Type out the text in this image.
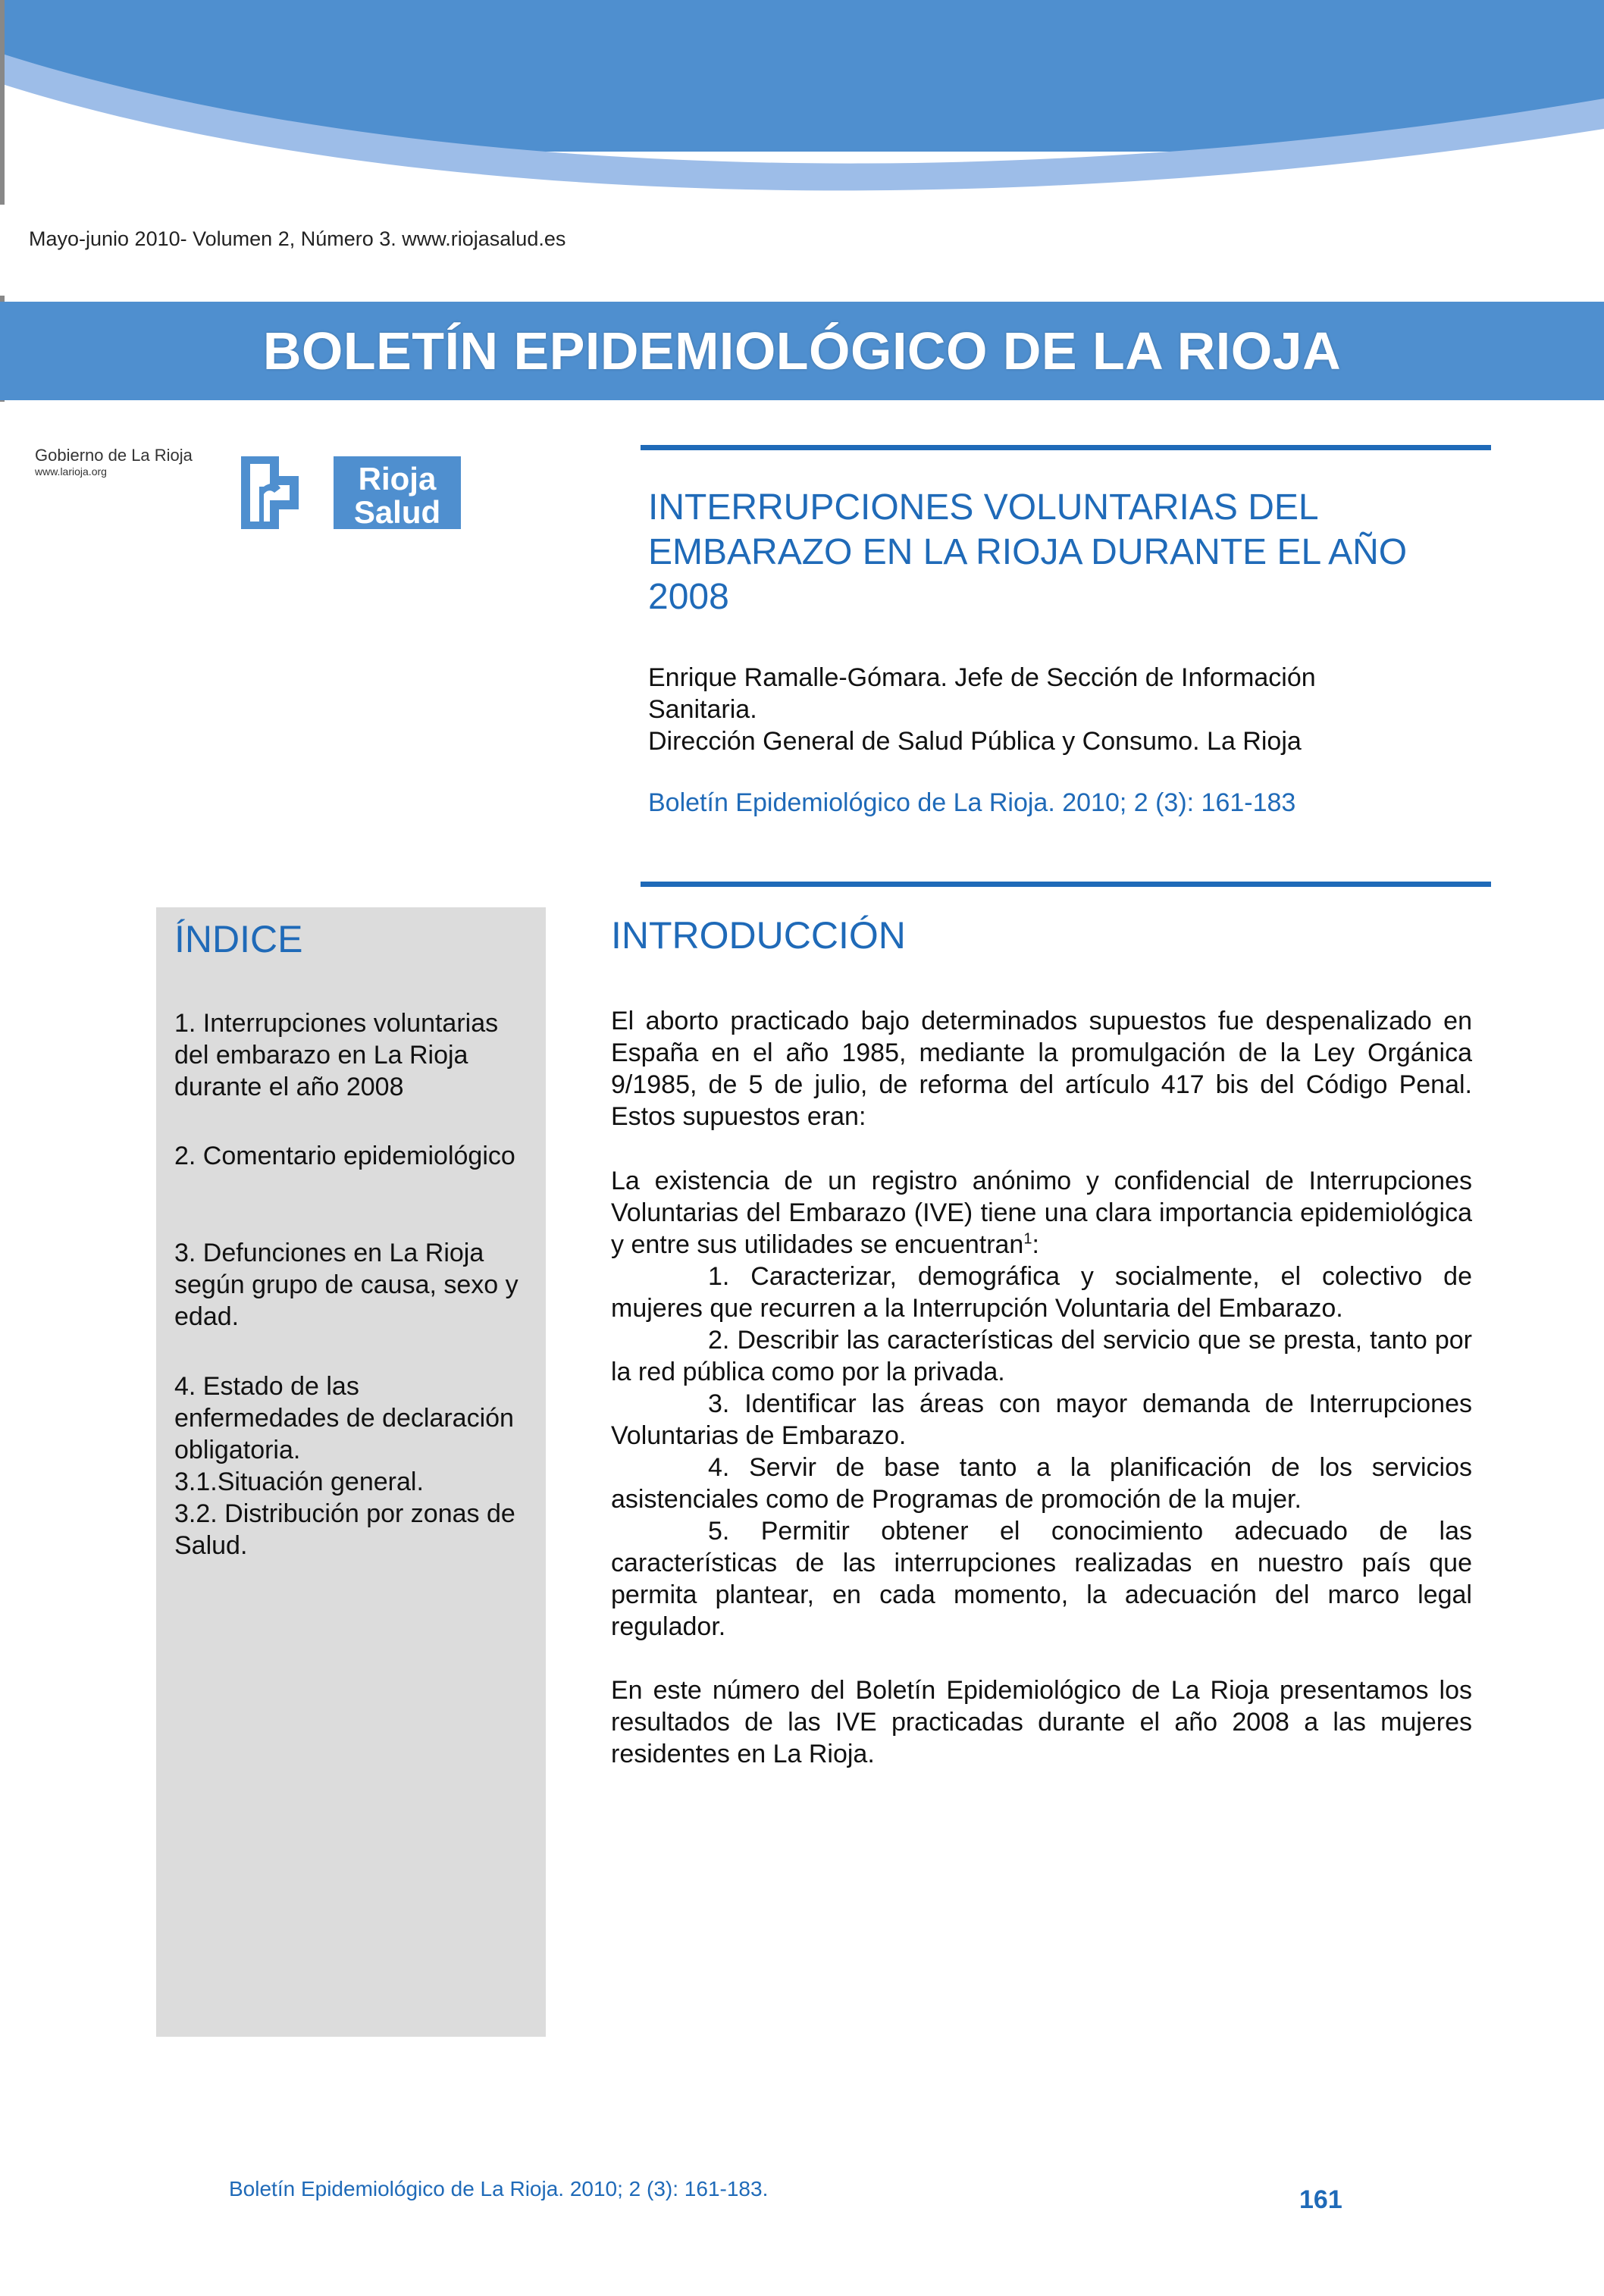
Mayo-junio 2010- Volumen 2, Número 3. www.riojasalud.es
BOLETÍN EPIDEMIOLÓGICO DE LA RIOJA
Gobierno de La Rioja
www.larioja.org	Rioja
Salud	INTERRUPCIONES VOLUNTARIAS DEL EMBARAZO EN LA RIOJA DURANTE EL AÑO 2008
Enrique Ramalle-Gómara. Jefe de Sección de Información
Sanitaria.
Dirección General de Salud Pública y Consumo. La Rioja
Boletín Epidemiológico de La Rioja. 2010; 2 (3): 161-183
ÍNDICE
1. Interrupciones voluntarias del embarazo en La Rioja durante el año 2008
2. Comentario epidemiológico
3. Defunciones en La Rioja según grupo de causa, sexo y edad.
4. Estado de las enfermedades de declaración obligatoria.
3.1.Situación general.
3.2. Distribución por zonas de Salud.
INTRODUCCIÓN
El aborto practicado bajo determinados supuestos fue despenalizado en España en el año 1985, mediante la promulgación de la Ley Orgánica 9/1985, de 5 de julio, de reforma del artículo 417 bis del Código Penal. Estos supuestos eran:
La existencia de un registro anónimo y confidencial de Interrupciones Voluntarias del Embarazo (IVE) tiene una clara importancia epidemiológica y entre sus utilidades se encuentran$^1$:
1. Caracterizar, demográfica y socialmente, el colectivo de mujeres que recurren a la Interrupción Voluntaria del Embarazo.
2. Describir las características del servicio que se presta, tanto por la red pública como por la privada.
3. Identificar las áreas con mayor demanda de Interrupciones Voluntarias de Embarazo.
4. Servir de base tanto a la planificación de los servicios asistenciales como de Programas de promoción de la mujer.
5. Permitir obtener el conocimiento adecuado de las características de las interrupciones realizadas en nuestro país que permita plantear, en cada momento, la adecuación del marco legal regulador.
En este número del Boletín Epidemiológico de La Rioja presentamos los resultados de las IVE practicadas durante el año 2008 a las mujeres residentes en La Rioja.
Boletín Epidemiológico de La Rioja. 2010; 2 (3): 161-183.	161
